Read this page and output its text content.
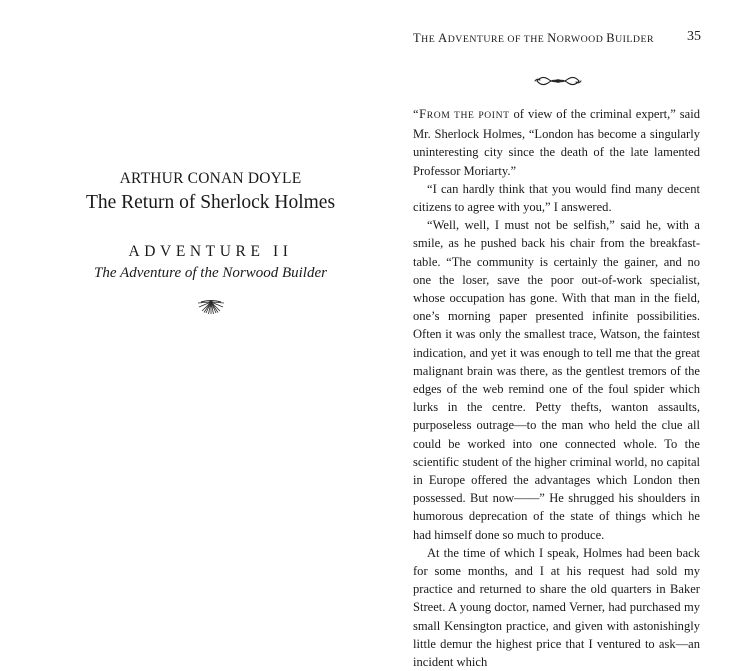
ARTHUR CONAN DOYLE
The Return of Sherlock Holmes
ADVENTURE II
The Adventure of the Norwood Builder
THE ADVENTURE OF THE NORWOOD BUILDER	35

“FROM THE POINT of view of the criminal expert,” said Mr. Sherlock Holmes, “London has become a singularly uninteresting city since the death of the late lamented Professor Moriarty.”

“I can hardly think that you would find many decent citizens to agree with you,” I answered.

“Well, well, I must not be selfish,” said he, with a smile, as he pushed back his chair from the breakfast-table. “The community is certainly the gainer, and no one the loser, save the poor out-of-work specialist, whose occupation has gone. With that man in the field, one’s morning paper presented infinite possibilities. Often it was only the smallest trace, Watson, the faintest indication, and yet it was enough to tell me that the great malignant brain was there, as the gentlest tremors of the edges of the web remind one of the foul spider which lurks in the centre. Petty thefts, wanton assaults, purposeless outrage—to the man who held the clue all could be worked into one connected whole. To the scientific student of the higher criminal world, no capital in Europe offered the advantages which London then possessed. But now——” He shrugged his shoulders in humorous deprecation of the state of things which he had himself done so much to produce.

At the time of which I speak, Holmes had been back for some months, and I at his request had sold my practice and returned to share the old quarters in Baker Street. A young doctor, named Verner, had purchased my small Kensington practice, and given with astonishingly little demur the highest price that I ventured to ask—an incident which
